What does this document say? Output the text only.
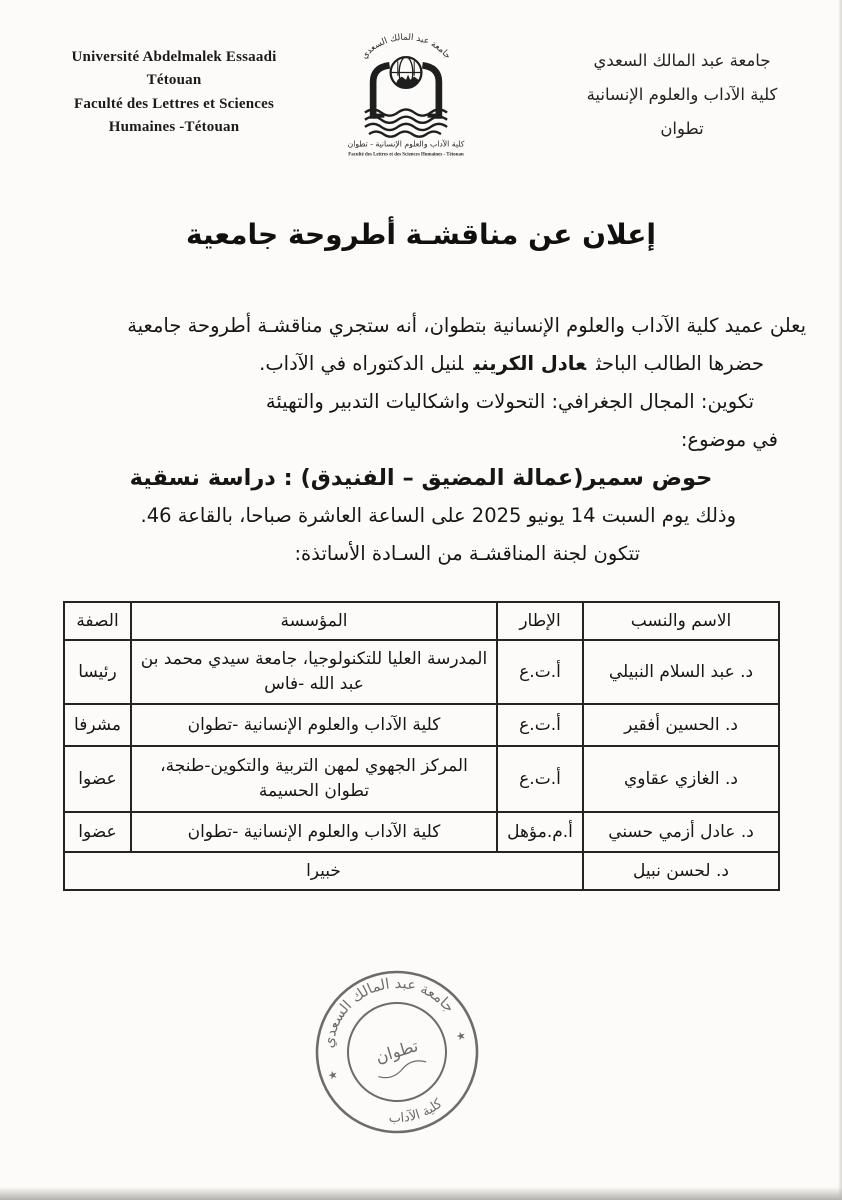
Université Abdelmalek Essaadi
Tétouan
Faculté des Lettres et Sciences
Humaines -Tétouan
جامعة عبد المالك السعدي
كلية الآداب والعلوم الإنسانية - تطوان
Faculté des Lettres et des Sciences Humaines - Tétouan
جامعة عبد المالك السعدي
كلية الآداب والعلوم الإنسانية
تطوان
إعلان عن مناقشـة أطروحة جامعية

يعلن عميد كلية الآداب والعلوم الإنسانية بتطوان، أنه ستجري مناقشـة أطروحة جامعية

حضرها الطالب الباحثعادل الكرينيلنيل الدكتوراه في الآداب.

تكوين: المجال الجغرافي: التحولات واشكاليات التدبير والتهيئة

في موضوع:

حوض سمير(عمالة المضيق – الفنيدق) : دراسة نسقية

وذلك يوم السبت 14 يونيو 2025 على الساعة العاشرة صباحا، بالقاعة 46.

تتكون لجنة المناقشـة من السـادة الأساتذة:

الاسم والنسب	الإطار	المؤسسة	الصفة
د. عبد السلام النبيلي	أ.ت.ع	المدرسة العليا للتكنولوجيا، جامعة سيدي محمد بن عبد الله -فاس	رئيسا
د. الحسين أفقير	أ.ت.ع	كلية الآداب والعلوم الإنسانية -تطوان	مشرفا
د. الغازي عقاوي	أ.ت.ع	المركز الجهوي لمهن التربية والتكوين-طنجة، تطوان الحسيمة	عضوا
د. عادل أزمي حسني	أ.م.مؤهل	كلية الآداب والعلوم الإنسانية -تطوان	عضوا
د. لحسن نبيل	خبيرا		
جامعة عبد المالك السعدي
كلية الآداب
تطوان
★
★
